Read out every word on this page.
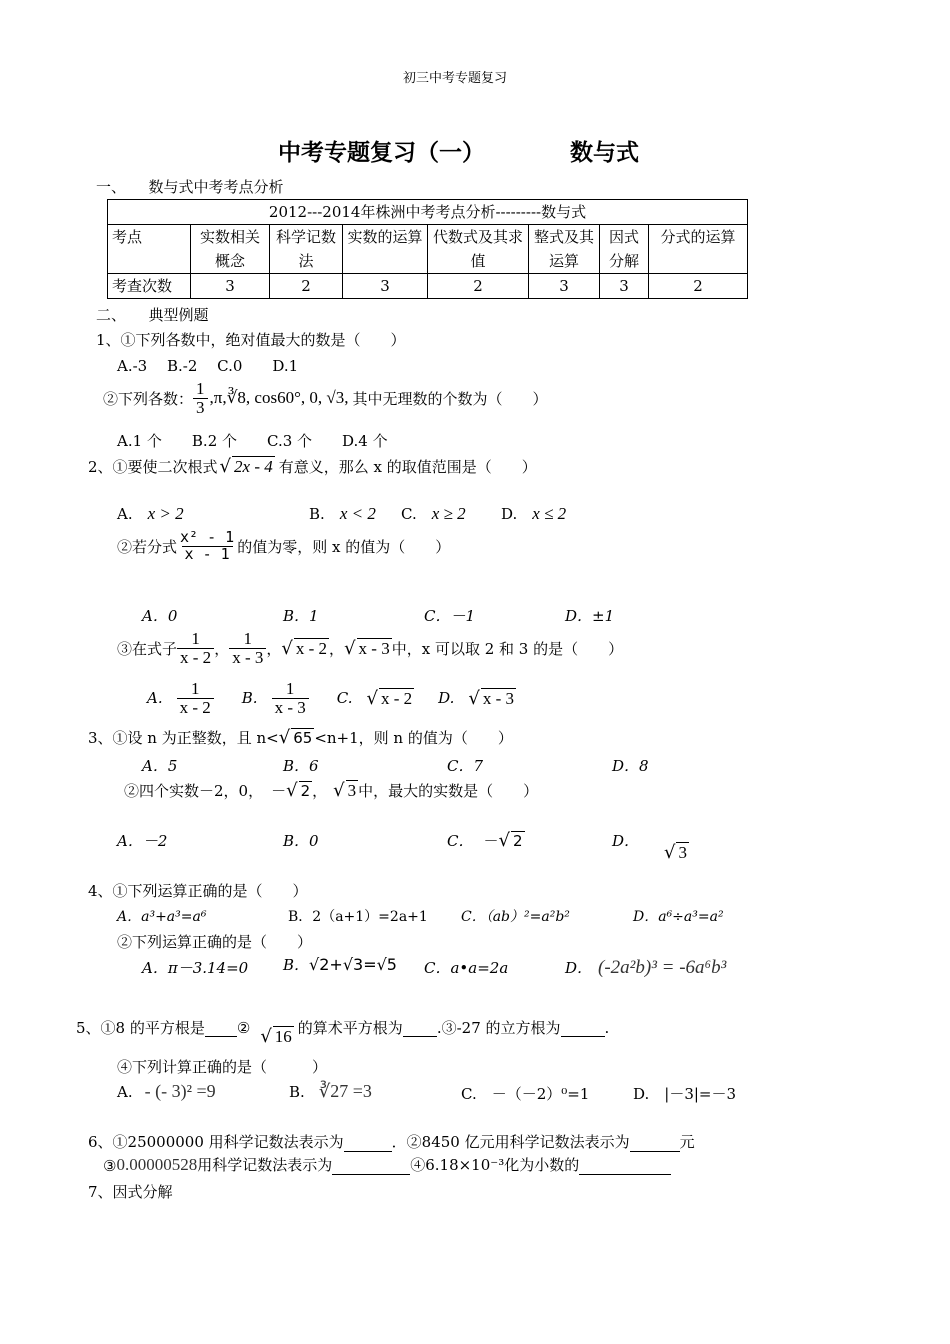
初三中考专题复习
中考专题复习（一）	数与式
一、　　数与式中考考点分析
2012---2014年株洲中考考点分析---------数与式							
考点	实数相关概念	科学记数法	实数的运算	代数式及其求值	整式及其运算	因式分解	分式的运算
考查次数	3	2	3	2	3	3	2
二、　　典型例题
1、①下列各数中，绝对值最大的数是（　　）
A.-3　 B.-2　 C.0　　D.1
②下列各数： $\frac{1}{3}$ ,π,∛8, cos60°, 0, √3, 其中无理数的个数为（　　）
A.1 个　　B.2 个　　C.3 个　　D.4 个
2、①要使二次根式 √ 2x - 4 有意义，那么 x 的取值范围是（　　）
A.　 x > 2	B.　 x < 2 C.　 x ≥ 2 D.　 x ≤ 2
②若分式 $\frac{\text{x² - 1}}{x - 1}$ 的值为零，则 x 的值为（　　）
A．0	B．1	C．－1	D．±1
③在式子 $\frac{1}{x - 2}$ ， $\frac{1}{x - 3}$ ， √ x - 2 ， √ x - 3 中，x 可以取 2 和 3 的是（　　）
A. $\frac{1}{x - 2} B$. $\frac{1}{x - 3} C$. √ x - 2 D. √ x - 3
3、①设 n 为正整数，且 n< √ 65 <n+1，则 n 的值为（　　）
A．5	B．6	C．7	D．8
②四个实数－2，0， － √ 2 ， √ 3 中，最大的实数是（　　）
A．－2	B．0	C． － √ 2	D．
√ 3
4、①下列运算正确的是（　　）
A．a³+a³=a⁶	B．2（a+1）=2a+1 C．（ab）²=a²b²	D．a⁶÷a³=a²
②下列运算正确的是（　　）
A．π－3.14=0 B．√2+√3=√5 C．a•a=2a	D． (-2a²b)³ = -6a⁶b³
5、①8 的平方根是
② √ 16 的算术平方根为
. ③-27 的立方根为
	.
④下列计算正确的是（　　　）
A. - (- 3)² =9	B. ∛27 =3	C.　－（－2）⁰=1	D.　|－3|=－3
6、①25000000 用科学记数法表示为
	．②8450 亿元用科学记数法表示为
	元
③ 0.00000528 用科学记数法表示为
	④6.18×10⁻³化为小数的

7、因式分解
